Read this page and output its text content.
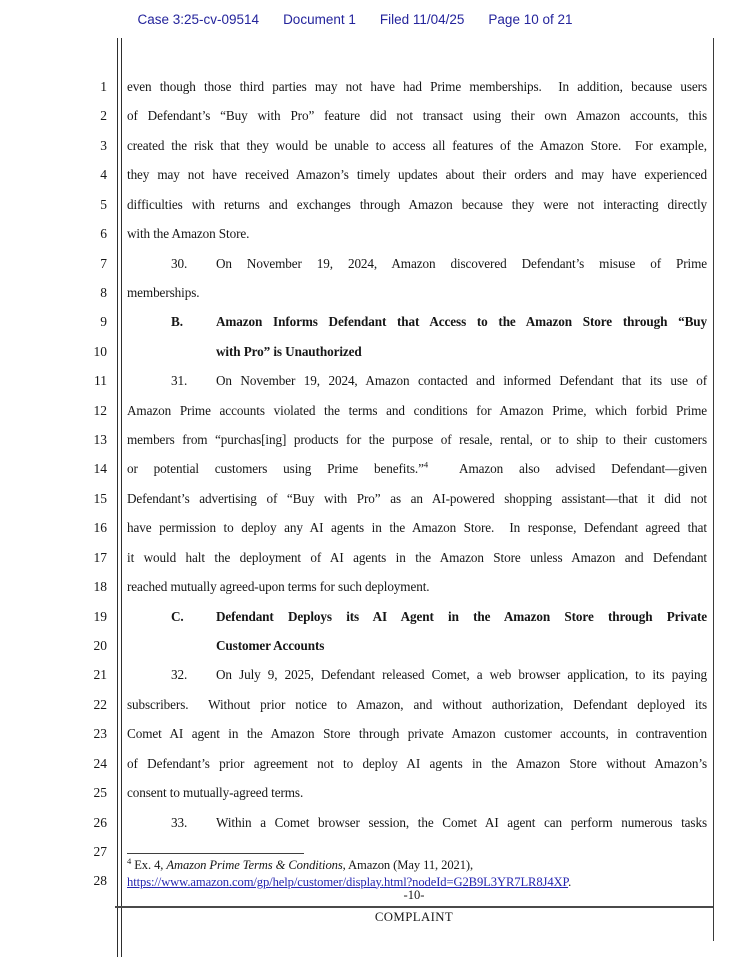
Case 3:25-cv-09514 Document 1 Filed 11/04/25 Page 10 of 21
1
2
3
4
5
6
7
8
9
10
11
12
13
14
15
16
17
18
19
20
21
22
23
24
25
26
27
28
even though those third parties may not have had Prime memberships.  In addition, because users
of Defendant’s “Buy with Pro” feature did not transact using their own Amazon accounts, this
created the risk that they would be unable to access all features of the Amazon Store.  For example,
they may not have received Amazon’s timely updates about their orders and may have experienced
difficulties with returns and exchanges through Amazon because they were not interacting directly
with the Amazon Store.
30. On November 19, 2024, Amazon discovered Defendant’s misuse of Prime
memberships.
B.	Amazon Informs Defendant that Access to the Amazon Store through “Buy
with Pro” is Unauthorized
31. On November 19, 2024, Amazon contacted and informed Defendant that its use of
Amazon Prime accounts violated the terms and conditions for Amazon Prime, which forbid Prime
members from “purchas[ing] products for the purpose of resale, rental, or to ship to their customers
or potential customers using Prime benefits.”$^4$  Amazon also advised Defendant—given
Defendant’s advertising of “Buy with Pro” as an AI-powered shopping assistant—that it did not
have permission to deploy any AI agents in the Amazon Store.  In response, Defendant agreed that
it would halt the deployment of AI agents in the Amazon Store unless Amazon and Defendant
reached mutually agreed-upon terms for such deployment.
C. Defendant Deploys its AI Agent in the Amazon Store through Private
Customer Accounts
32. On July 9, 2025, Defendant released Comet, a web browser application, to its paying
subscribers.  Without prior notice to Amazon, and without authorization, Defendant deployed its
Comet AI agent in the Amazon Store through private Amazon customer accounts, in contravention
of Defendant’s prior agreement not to deploy AI agents in the Amazon Store without Amazon’s
consent to mutually-agreed terms.
33. Within a Comet browser session, the Comet AI agent can perform numerous tasks
$^4$ Ex. 4, Amazon Prime Terms & Conditions, Amazon (May 11, 2021),
https://www.amazon.com/gp/help/customer/display.html?nodeId=G2B9L3YR7LR8J4XP.
-10-
COMPLAINT
